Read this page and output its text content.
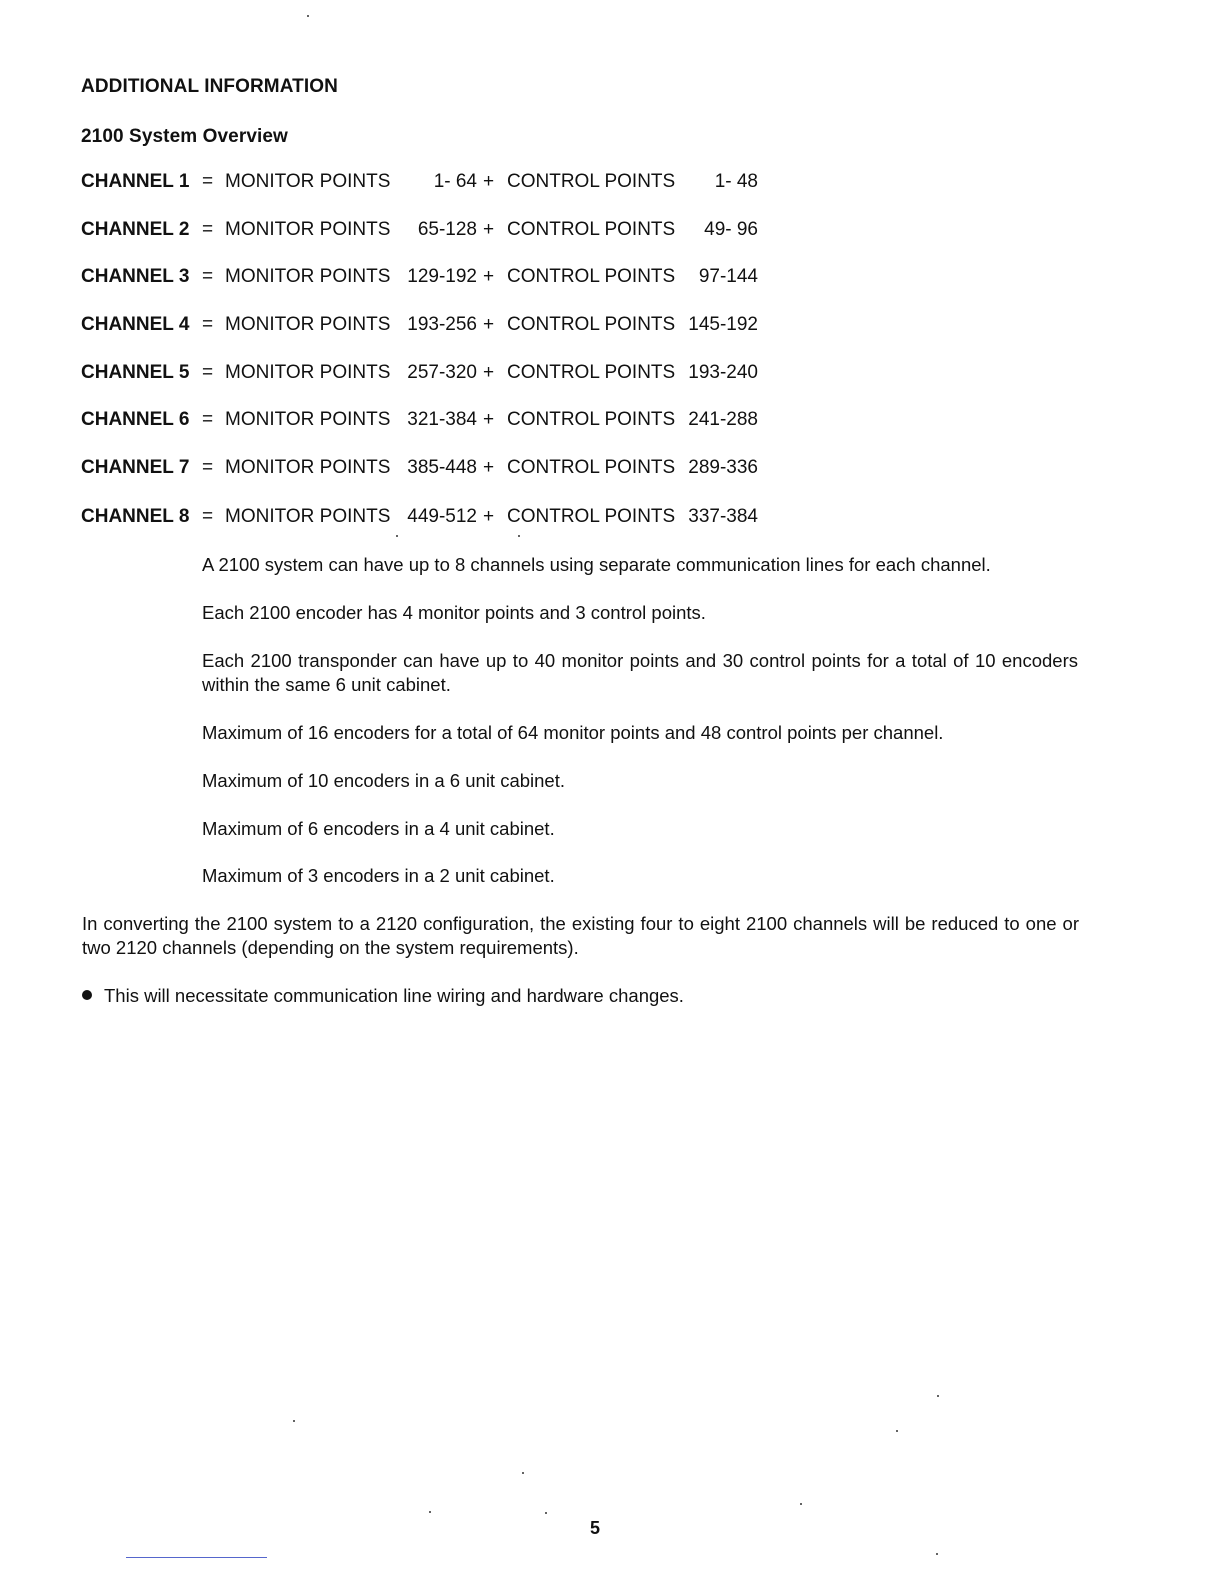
ADDITIONAL INFORMATION
2100 System Overview
CHANNEL 1 = MONITOR POINTS 1- 64 + CONTROL POINTS 1- 48
CHANNEL 2 = MONITOR POINTS 65-128 + CONTROL POINTS 49- 96
CHANNEL 3 = MONITOR POINTS 129-192 + CONTROL POINTS 97-144
CHANNEL 4 = MONITOR POINTS 193-256 + CONTROL POINTS 145-192
CHANNEL 5 = MONITOR POINTS 257-320 + CONTROL POINTS 193-240
CHANNEL 6 = MONITOR POINTS 321-384 + CONTROL POINTS 241-288
CHANNEL 7 = MONITOR POINTS 385-448 + CONTROL POINTS 289-336
CHANNEL 8 = MONITOR POINTS 449-512 + CONTROL POINTS 337-384
A 2100 system can have up to 8 channels using separate communication lines for each channel.
Each 2100 encoder has 4 monitor points and 3 control points.
Each 2100 transponder can have up to 40 monitor points and 30 control points for a total of 10 encoders within the same 6 unit cabinet.
Maximum of 16 encoders for a total of 64 monitor points and 48 control points per channel.
Maximum of 10 encoders in a 6 unit cabinet.
Maximum of 6 encoders in a 4 unit cabinet.
Maximum of 3 encoders in a 2 unit cabinet.
In converting the 2100 system to a 2120 configuration, the existing four to eight 2100 channels will be reduced to one or two 2120 channels (depending on the system requirements).
This will necessitate communication line wiring and hardware changes.
5
